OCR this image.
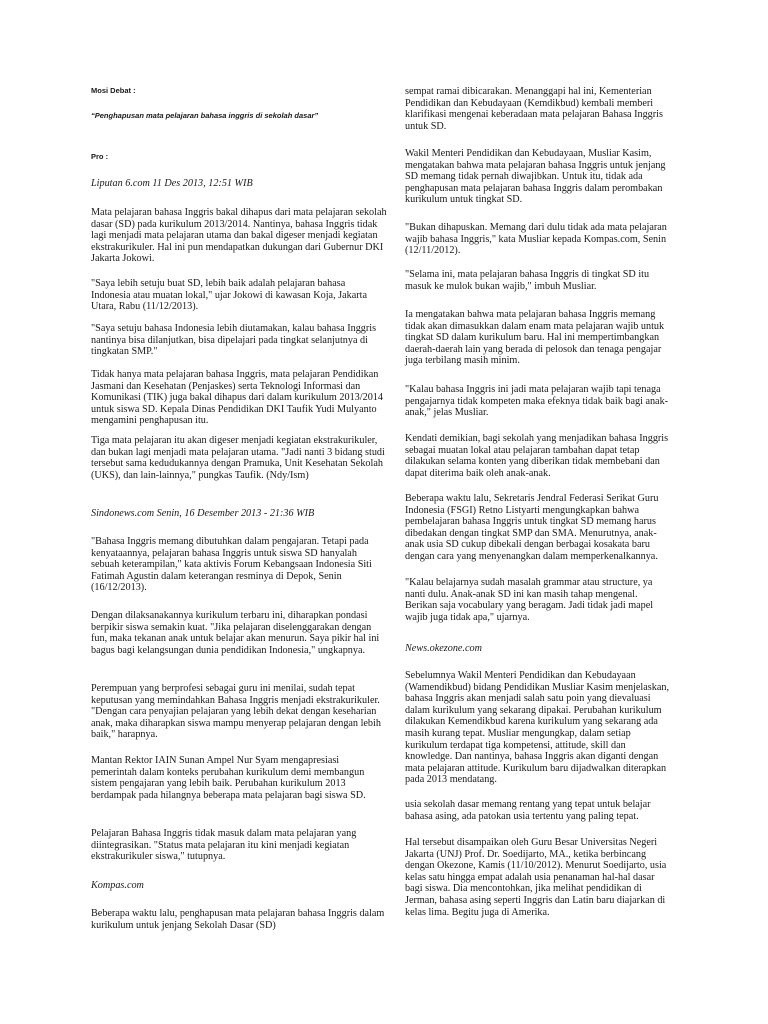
Mosi Debat :

“Penghapusan mata pelajaran bahasa inggris di sekolah dasar”

Pro :

Liputan 6.com 11 Des 2013, 12:51 WIB

Mata pelajaran bahasa Inggris bakal dihapus dari mata pelajaran sekolah dasar (SD) pada kurikulum 2013/2014. Nantinya, bahasa Inggris tidak lagi menjadi mata pelajaran utama dan bakal digeser menjadi kegiatan ekstrakurikuler. Hal ini pun mendapatkan dukungan dari Gubernur DKI Jakarta Jokowi.

"Saya lebih setuju buat SD, lebih baik adalah pelajaran bahasa Indonesia atau muatan lokal," ujar Jokowi di kawasan Koja, Jakarta Utara, Rabu (11/12/2013).

"Saya setuju bahasa Indonesia lebih diutamakan, kalau bahasa Inggris nantinya bisa dilanjutkan, bisa dipelajari pada tingkat selanjutnya di tingkatan SMP."

Tidak hanya mata pelajaran bahasa Inggris, mata pelajaran Pendidikan Jasmani dan Kesehatan (Penjaskes) serta Teknologi Informasi dan Komunikasi (TIK) juga bakal dihapus dari dalam kurikulum 2013/2014 untuk siswa SD. Kepala Dinas Pendidikan DKI Taufik Yudi Mulyanto mengamini penghapusan itu.

Tiga mata pelajaran itu akan digeser menjadi kegiatan ekstrakurikuler, dan bukan lagi menjadi mata pelajaran utama. "Jadi nanti 3 bidang studi tersebut sama kedudukannya dengan Pramuka, Unit Kesehatan Sekolah (UKS), dan lain-lainnya," pungkas Taufik. (Ndy/Ism)

Sindonews.com Senin, 16 Desember 2013 - 21:36 WIB

"Bahasa Inggris memang dibutuhkan dalam pengajaran. Tetapi pada kenyataannya, pelajaran bahasa Inggris untuk siswa SD hanyalah sebuah keterampilan," kata aktivis Forum Kebangsaan Indonesia Siti Fatimah Agustin dalam keterangan resminya di Depok, Senin (16/12/2013).

Dengan dilaksanakannya kurikulum terbaru ini, diharapkan pondasi berpikir siswa semakin kuat. "Jika pelajaran diselenggarakan dengan fun, maka tekanan anak untuk belajar akan menurun. Saya pikir hal ini bagus bagi kelangsungan dunia pendidikan Indonesia," ungkapnya.

Perempuan yang berprofesi sebagai guru ini menilai, sudah tepat keputusan yang memindahkan Bahasa Inggris menjadi ekstrakurikuler. "Dengan cara penyajian pelajaran yang lebih dekat dengan keseharian anak, maka diharapkan siswa mampu menyerap pelajaran dengan lebih baik," harapnya.

Mantan Rektor IAIN Sunan Ampel Nur Syam mengapresiasi pemerintah dalam konteks perubahan kurikulum demi membangun sistem pengajaran yang lebih baik. Perubahan kurikulum 2013 berdampak pada hilangnya beberapa mata pelajaran bagi siswa SD.

Pelajaran Bahasa Inggris tidak masuk dalam mata pelajaran yang diintegrasikan. "Status mata pelajaran itu kini menjadi kegiatan ekstrakurikuler siswa," tutupnya.

Kompas.com

Beberapa waktu lalu, penghapusan mata pelajaran bahasa Inggris dalam kurikulum untuk jenjang Sekolah Dasar (SD)

sempat ramai dibicarakan. Menanggapi hal ini, Kementerian Pendidikan dan Kebudayaan (Kemdikbud) kembali memberi klarifikasi mengenai keberadaan mata pelajaran Bahasa Inggris untuk SD.

Wakil Menteri Pendidikan dan Kebudayaan, Musliar Kasim, mengatakan bahwa mata pelajaran bahasa Inggris untuk jenjang SD memang tidak pernah diwajibkan. Untuk itu, tidak ada penghapusan mata pelajaran bahasa Inggris dalam perombakan kurikulum untuk tingkat SD.

"Bukan dihapuskan. Memang dari dulu tidak ada mata pelajaran wajib bahasa Inggris," kata Musliar kepada Kompas.com, Senin (12/11/2012).

"Selama ini, mata pelajaran bahasa Inggris di tingkat SD itu masuk ke mulok bukan wajib," imbuh Musliar.

Ia mengatakan bahwa mata pelajaran bahasa Inggris memang tidak akan dimasukkan dalam enam mata pelajaran wajib untuk tingkat SD dalam kurikulum baru. Hal ini mempertimbangkan daerah-daerah lain yang berada di pelosok dan tenaga pengajar juga terbilang masih minim.

"Kalau bahasa Inggris ini jadi mata pelajaran wajib tapi tenaga pengajarnya tidak kompeten maka efeknya tidak baik bagi anak-anak," jelas Musliar.

Kendati demikian, bagi sekolah yang menjadikan bahasa Inggris sebagai muatan lokal atau pelajaran tambahan dapat tetap dilakukan selama konten yang diberikan tidak membebani dan dapat diterima baik oleh anak-anak.

Beberapa waktu lalu, Sekretaris Jendral Federasi Serikat Guru Indonesia (FSGI) Retno Listyarti mengungkapkan bahwa pembelajaran bahasa Inggris untuk tingkat SD memang harus dibedakan dengan tingkat SMP dan SMA. Menurutnya, anak-anak usia SD cukup dibekali dengan berbagai kosakata baru dengan cara yang menyenangkan dalam memperkenalkannya.

"Kalau belajarnya sudah masalah grammar atau structure, ya nanti dulu. Anak-anak SD ini kan masih tahap mengenal. Berikan saja vocabulary yang beragam. Jadi tidak jadi mapel wajib juga tidak apa," ujarnya.

News.okezone.com

Sebelumnya Wakil Menteri Pendidikan dan Kebudayaan (Wamendikbud) bidang Pendidikan Musliar Kasim menjelaskan, bahasa Inggris akan menjadi salah satu poin yang dievaluasi dalam kurikulum yang sekarang dipakai. Perubahan kurikulum dilakukan Kemendikbud karena kurikulum yang sekarang ada masih kurang tepat. Musliar mengungkap, dalam setiap kurikulum terdapat tiga kompetensi, attitude, skill dan knowledge. Dan nantinya, bahasa Inggris akan diganti dengan mata pelajaran attitude. Kurikulum baru dijadwalkan diterapkan pada 2013 mendatang.

usia sekolah dasar memang rentang yang tepat untuk belajar bahasa asing, ada patokan usia tertentu yang paling tepat.

Hal tersebut disampaikan oleh Guru Besar Universitas Negeri Jakarta (UNJ) Prof. Dr. Soedijarto, MA., ketika berbincang dengan Okezone, Kamis (11/10/2012). Menurut Soedijarto, usia kelas satu hingga empat adalah usia penanaman hal-hal dasar bagi siswa. Dia mencontohkan, jika melihat pendidikan di Jerman, bahasa asing seperti Inggris dan Latin baru diajarkan di kelas lima. Begitu juga di Amerika.
